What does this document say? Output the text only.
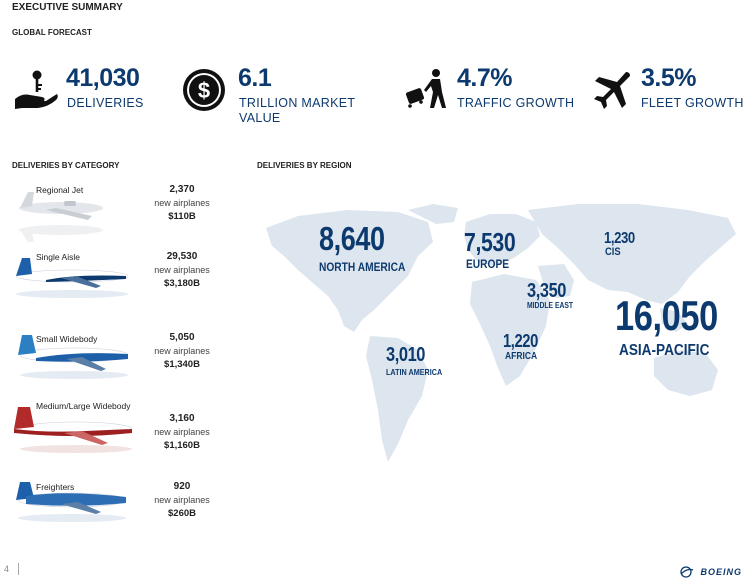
EXECUTIVE SUMMARY
GLOBAL FORECAST
41,030
DELIVERIES $ 6.1
TRILLION MARKET VALUE
4.7%
TRAFFIC GROWTH
3.5%
FLEET GROWTH
DELIVERIES BY CATEGORY
Regional Jet	2,370
new airplanes
$110B
Single Aisle	29,530
new airplanes
$3,180B
Small Widebody	5,050
new airplanes
$1,340B
Medium/Large Widebody
3,160
new airplanes
$1,160B
Freighters	920
new airplanes
$260B
DELIVERIES BY REGION
8,640
NORTH AMERICA
7,530
EUROPE
1,230
CIS
3,350
MIDDLE EAST 16,050
ASIA-PACIFIC
1,220
AFRICA
3,010
LATIN AMERICA
4	BOEING
